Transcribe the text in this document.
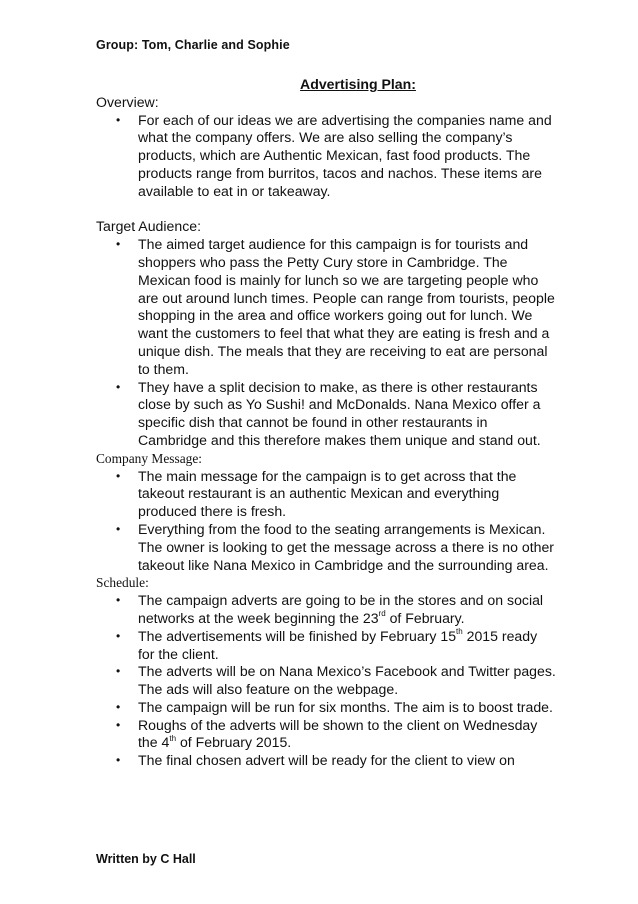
Group: Tom, Charlie and Sophie
Advertising Plan:

Overview:

• For each of our ideas we are advertising the companies name and what the company offers. We are also selling the company’s products, which are Authentic Mexican, fast food products. The products range from burritos, tacos and nachos. These items are available to eat in or takeaway.

Target Audience:

• The aimed target audience for this campaign is for tourists and shoppers who pass the Petty Cury store in Cambridge. The Mexican food is mainly for lunch so we are targeting people who are out around lunch times. People can range from tourists, people shopping in the area and office workers going out for lunch. We want the customers to feel that what they are eating is fresh and a unique dish. The meals that they are receiving to eat are personal to them.
• They have a split decision to make, as there is other restaurants close by such as Yo Sushi! and McDonalds. Nana Mexico offer a specific dish that cannot be found in other restaurants in Cambridge and this therefore makes them unique and stand out.

Company Message:

• The main message for the campaign is to get across that the takeout restaurant is an authentic Mexican and everything produced there is fresh.
• Everything from the food to the seating arrangements is Mexican. The owner is looking to get the message across a there is no other takeout like Nana Mexico in Cambridge and the surrounding area.

Schedule:

• The campaign adverts are going to be in the stores and on social networks at the week beginning the 23rd of February.
• The advertisements will be finished by February 15th 2015 ready for the client.
• The adverts will be on Nana Mexico’s Facebook and Twitter pages. The ads will also feature on the webpage.
• The campaign will be run for six months. The aim is to boost trade.
• Roughs of the adverts will be shown to the client on Wednesday the 4th of February 2015.
• The final chosen advert will be ready for the client to view on
Written by C Hall
